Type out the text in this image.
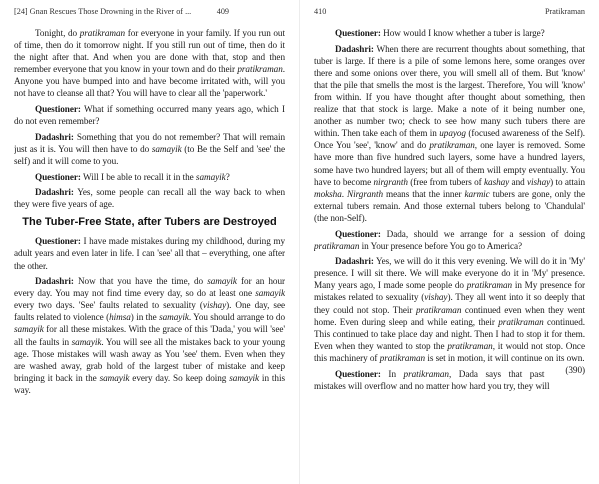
[24] Gnan Rescues Those Drowning in the River of ...	409

Tonight, do pratikraman for everyone in your family. If you run out of time, then do it tomorrow night. If you still run out of time, then do it the night after that. And when you are done with that, stop and then remember everyone that you know in your town and do their pratikraman. Anyone you have bumped into and have become irritated with, will you not have to cleanse all that? You will have to clear all the 'paperwork.'

Questioner: What if something occurred many years ago, which I do not even remember?

Dadashri: Something that you do not remember? That will remain just as it is. You will then have to do samayik (to Be the Self and 'see' the self) and it will come to you.

Questioner: Will I be able to recall it in the samayik?

Dadashri: Yes, some people can recall all the way back to when they were five years of age.

The Tuber-Free State, after Tubers are Destroyed

Questioner: I have made mistakes during my childhood, during my adult years and even later in life. I can 'see' all that – everything, one after the other.

Dadashri: Now that you have the time, do samayik for an hour every day. You may not find time every day, so do at least one samayik every two days. 'See' faults related to sexuality (vishay). One day, see faults related to violence (himsa) in the samayik. You should arrange to do samayik for all these mistakes. With the grace of this 'Dada,' you will 'see' all the faults in samayik. You will see all the mistakes back to your young age. Those mistakes will wash away as You 'see' them. Even when they are washed away, grab hold of the largest tuber of mistake and keep bringing it back in the samayik every day. So keep doing samayik in this way.

410	Pratikraman

Questioner: How would I know whether a tuber is large?

Dadashri: When there are recurrent thoughts about something, that tuber is large. If there is a pile of some lemons here, some oranges over there and some onions over there, you will smell all of them. But 'know' that the pile that smells the most is the largest. Therefore, You will 'know' from within. If you have thought after thought about something, then realize that that stock is large. Make a note of it being number one, another as number two; check to see how many such tubers there are within. Then take each of them in upayog (focused awareness of the Self). Once You 'see', 'know' and do pratikraman, one layer is removed. Some have more than five hundred such layers, some have a hundred layers, some have two hundred layers; but all of them will empty eventually. You have to become nirgranth (free from tubers of kashay and vishay) to attain moksha. Nirgranth means that the inner karmic tubers are gone, only the external tubers remain. And those external tubers belong to 'Chandulal' (the non-Self).

Questioner: Dada, should we arrange for a session of doing pratikraman in Your presence before You go to America?

Dadashri: Yes, we will do it this very evening. We will do it in 'My' presence. I will sit there. We will make everyone do it in 'My' presence. Many years ago, I made some people do pratikraman in My presence for mistakes related to sexuality (vishay). They all went into it so deeply that they could not stop. Their pratikraman continued even when they went home. Even during sleep and while eating, their pratikraman continued. This continued to take place day and night. Then I had to stop it for them. Even when they wanted to stop the pratikraman, it would not stop. Once this machinery of pratikraman is set in motion, it will continue on its own.
(390)

Questioner: In pratikraman, Dada says that past mistakes will overflow and no matter how hard you try, they will
